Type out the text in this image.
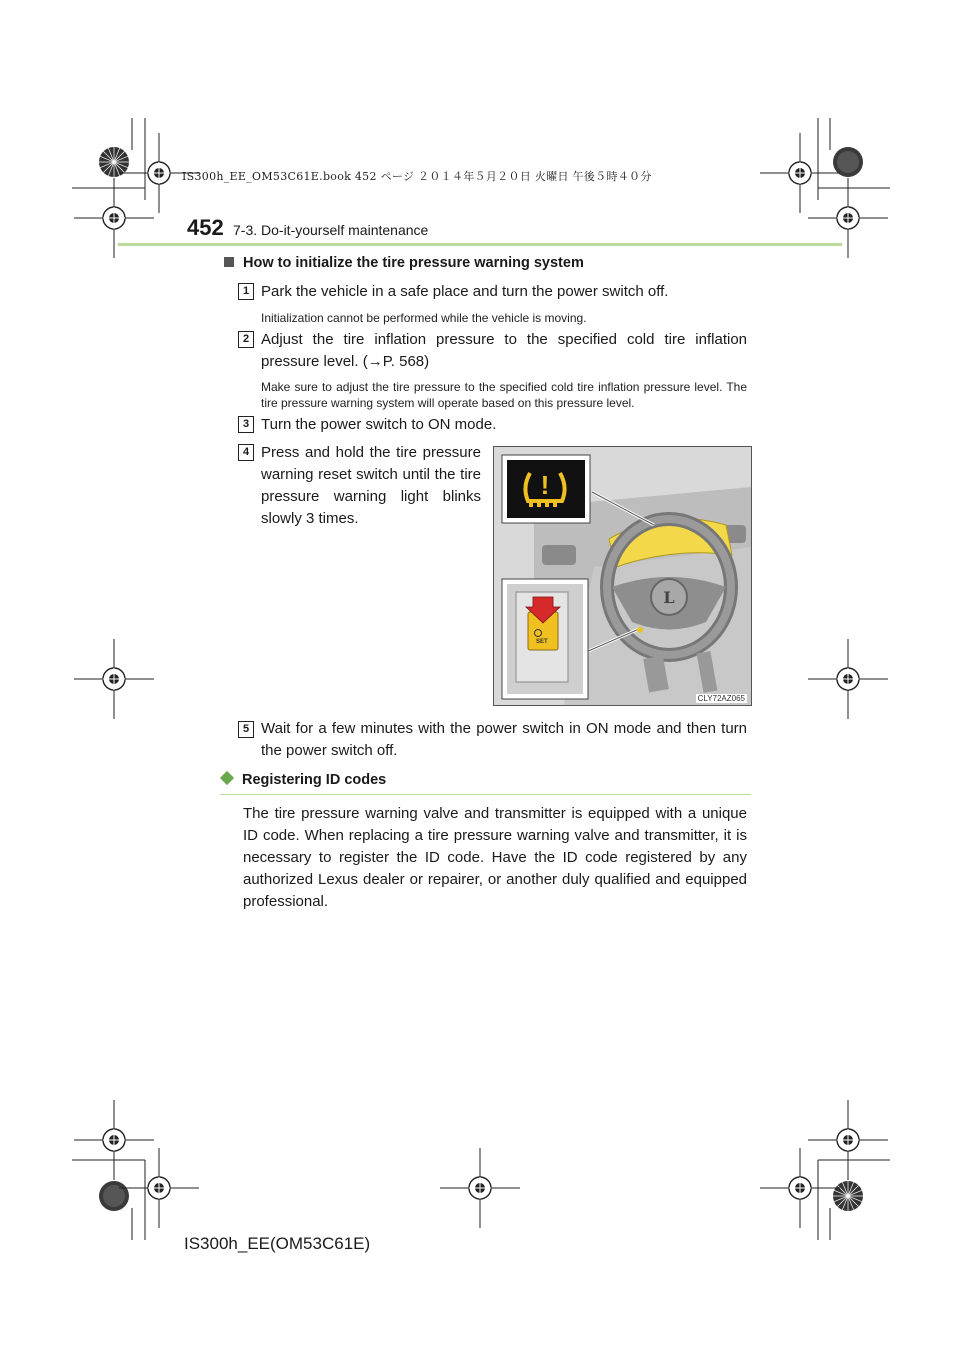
IS300h_EE_OM53C61E.book 452 ページ ２０１４年５月２０日 火曜日 午後５時４０分
452 7-3. Do-it-yourself maintenance
How to initialize the tire pressure warning system
1 Park the vehicle in a safe place and turn the power switch off.
Initialization cannot be performed while the vehicle is moving.
2 Adjust the tire inflation pressure to the specified cold tire inflation pressure level. (→P. 568)
Make sure to adjust the tire pressure to the specified cold tire inflation pressure level. The tire pressure warning system will operate based on this pressure level.
3 Turn the power switch to ON mode.
4 Press and hold the tire pressure warning reset switch until the tire pressure warning light blinks slowly 3 times.
L
!
SET
CLY72AZ065
5 Wait for a few minutes with the power switch in ON mode and then turn the power switch off.
Registering ID codes
The tire pressure warning valve and transmitter is equipped with a unique ID code. When replacing a tire pressure warning valve and transmitter, it is necessary to register the ID code. Have the ID code registered by any authorized Lexus dealer or repairer, or another duly qualified and equipped professional.
IS300h_EE(OM53C61E)
